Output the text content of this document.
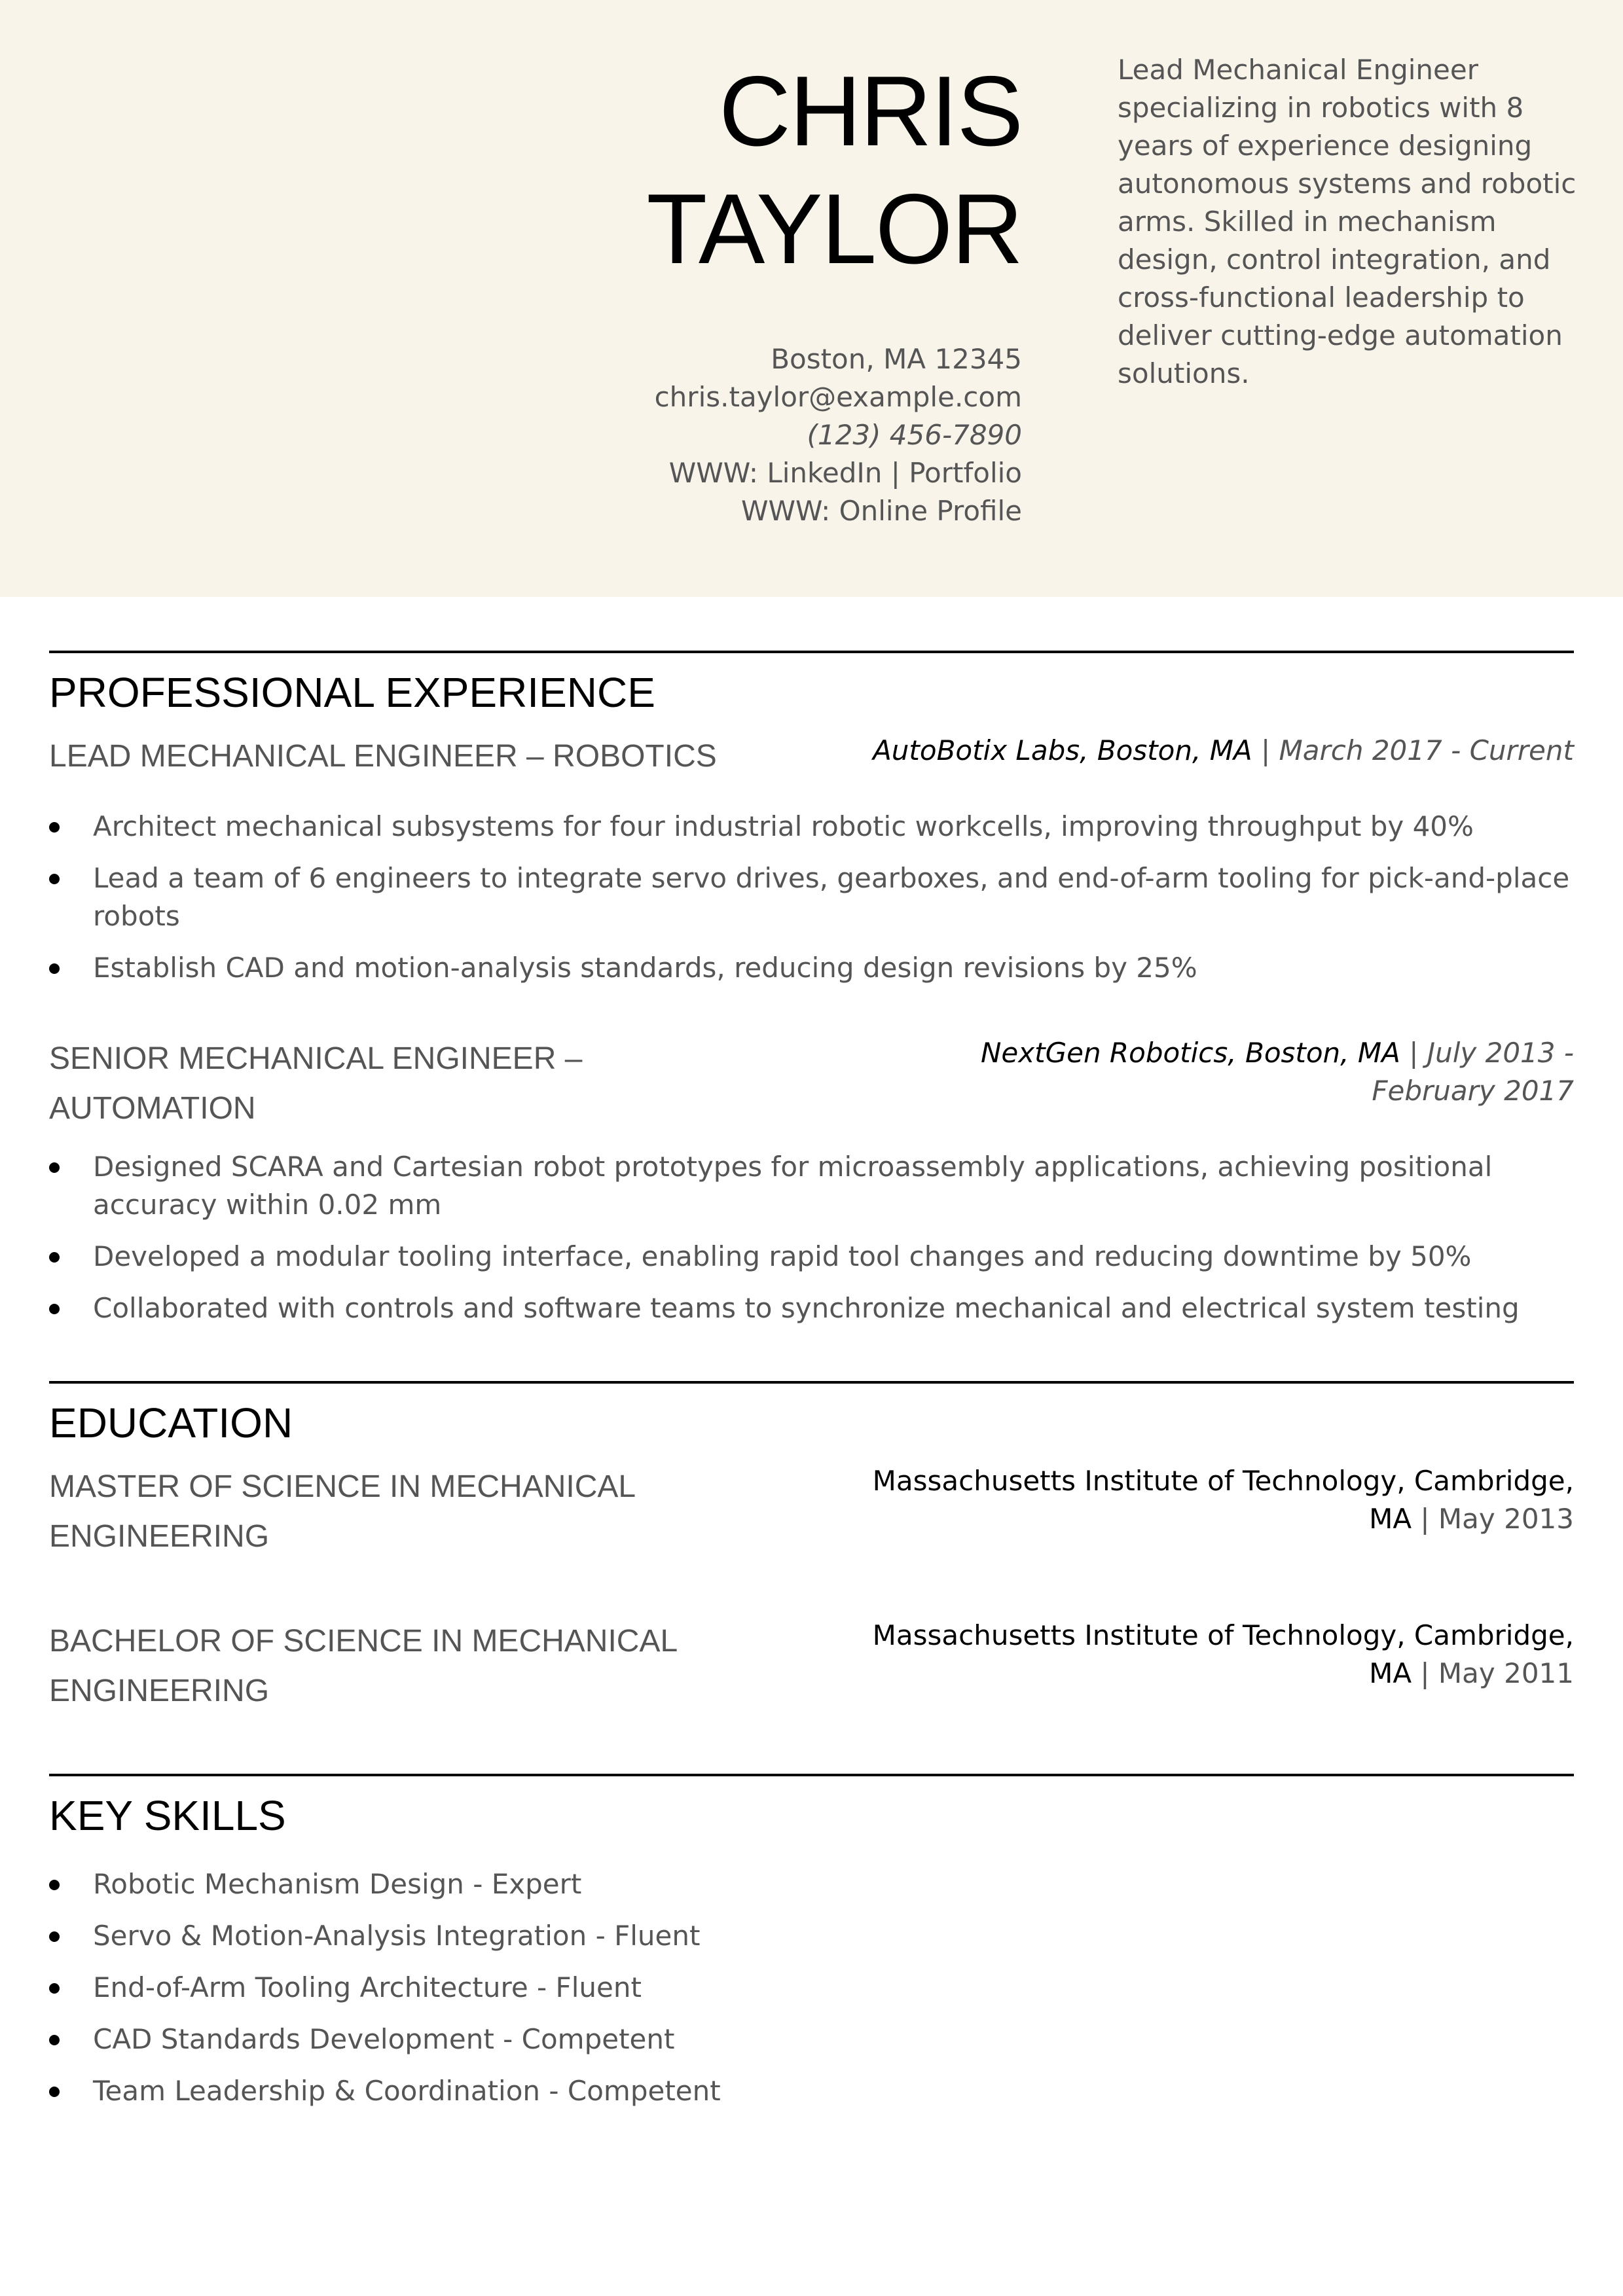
CHRIS
TAYLOR
Boston, MA 12345
chris.taylor@example.com
(123) 456-7890
WWW: LinkedIn | Portfolio
WWW: Online Profile
Lead Mechanical Engineer specializing in robotics with 8 years of experience designing autonomous systems and robotic arms. Skilled in mechanism design, control integration, and cross-functional leadership to deliver cutting-edge automation solutions.
PROFESSIONAL EXPERIENCE
LEAD MECHANICAL ENGINEER – ROBOTICS	AutoBotix Labs, Boston, MA | March 2017 - Current
Architect mechanical subsystems for four industrial robotic workcells, improving throughput by 40%
Lead a team of 6 engineers to integrate servo drives, gearboxes, and end-of-arm tooling for pick-and-place robots
Establish CAD and motion-analysis standards, reducing design revisions by 25%
SENIOR MECHANICAL ENGINEER – AUTOMATION
NextGen Robotics, Boston, MA | July 2013 - February 2017
Designed SCARA and Cartesian robot prototypes for microassembly applications, achieving positional accuracy within 0.02 mm
Developed a modular tooling interface, enabling rapid tool changes and reducing downtime by 50%
Collaborated with controls and software teams to synchronize mechanical and electrical system testing
EDUCATION
MASTER OF SCIENCE IN MECHANICAL ENGINEERING
Massachusetts Institute of Technology, Cambridge, MA | May 2013
BACHELOR OF SCIENCE IN MECHANICAL ENGINEERING
Massachusetts Institute of Technology, Cambridge, MA | May 2011
KEY SKILLS
Robotic Mechanism Design - Expert
Servo & Motion-Analysis Integration - Fluent
End-of-Arm Tooling Architecture - Fluent
CAD Standards Development - Competent
Team Leadership & Coordination - Competent
